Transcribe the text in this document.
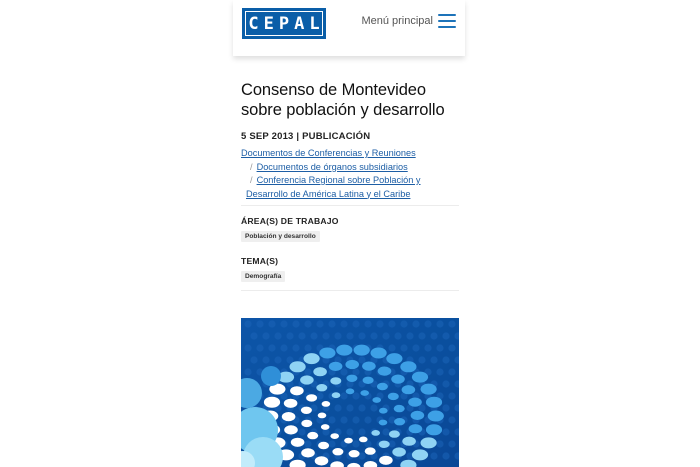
CEPAL	Menú principal
Consenso de Montevideo sobre población y desarrollo
5 SEP 2013 | PUBLICACIÓN
Documentos de Conferencias y Reuniones
/ Documentos de órganos subsidiarios
/ Conferencia Regional sobre Población y Desarrollo de América Latina y el Caribe
ÁREA(S) DE TRABAJO
Población y desarrollo
TEMA(S)
Demografía
